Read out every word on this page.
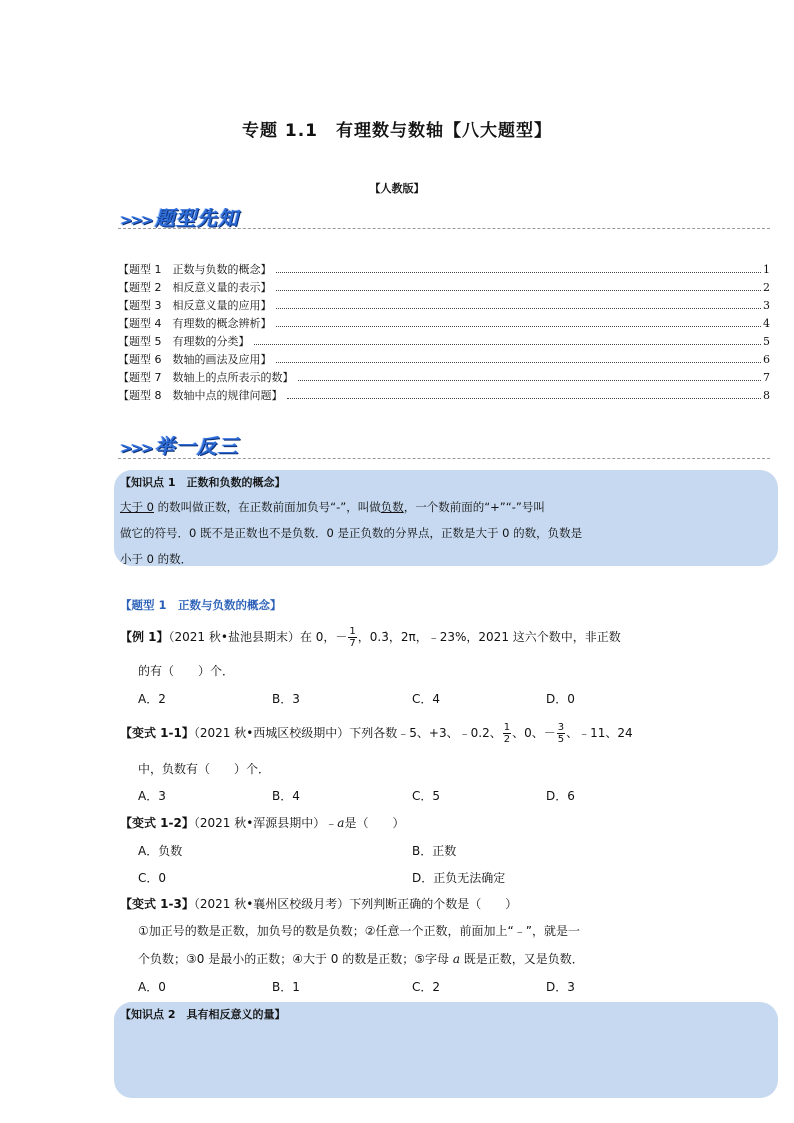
专题 1.1　有理数与数轴【八大题型】
【人教版】
>>> 题型先知
【题型 1　正数与负数的概念】	1
【题型 2　相反意义量的表示】	2
【题型 3　相反意义量的应用】	3
【题型 4　有理数的概念辨析】	4
【题型 5　有理数的分类】	5
【题型 6　数轴的画法及应用】	6
【题型 7　数轴上的点所表示的数】	7
【题型 8　数轴中点的规律问题】	8
>>> 举一反三
【知识点 1　正数和负数的概念】
大于 0 的数叫做正数，在正数前面加负号“-”，叫做负数，一个数前面的“+”“-”号叫
做它的符号．0 既不是正数也不是负数．0 是正负数的分界点，正数是大于 0 的数，负数是
小于 0 的数．
【题型 1　正数与负数的概念】
【例 1】（2021 秋•盐池县期末）在 0，－ $\frac{1}{7}$ ，0.3̇，2π，﹣23%，2021 这六个数中，非正数
的有（　　）个．
A．2	B．3	C．4	D．0
【变式 1-1】（2021 秋•西城区校级期中）下列各数﹣5、+3、﹣0.2、 $\frac{1}{2}$ 、0、－ $\frac{3}{5}$ 、﹣11、24
中，负数有（　　）个．
A．3	B．4	C．5	D．6
【变式 1-2】（2021 秋•浑源县期中）﹣a是（　　）
A．负数	B．正数
C．0	D．正负无法确定
【变式 1-3】（2021 秋•襄州区校级月考）下列判断正确的个数是（　　）
①加正号的数是正数，加负号的数是负数；②任意一个正数，前面加上“﹣”，就是一
个负数；③0 是最小的正数；④大于 0 的数是正数；⑤字母 a 既是正数，又是负数．
A．0	B．1	C．2	D．3
【知识点 2　具有相反意义的量】
